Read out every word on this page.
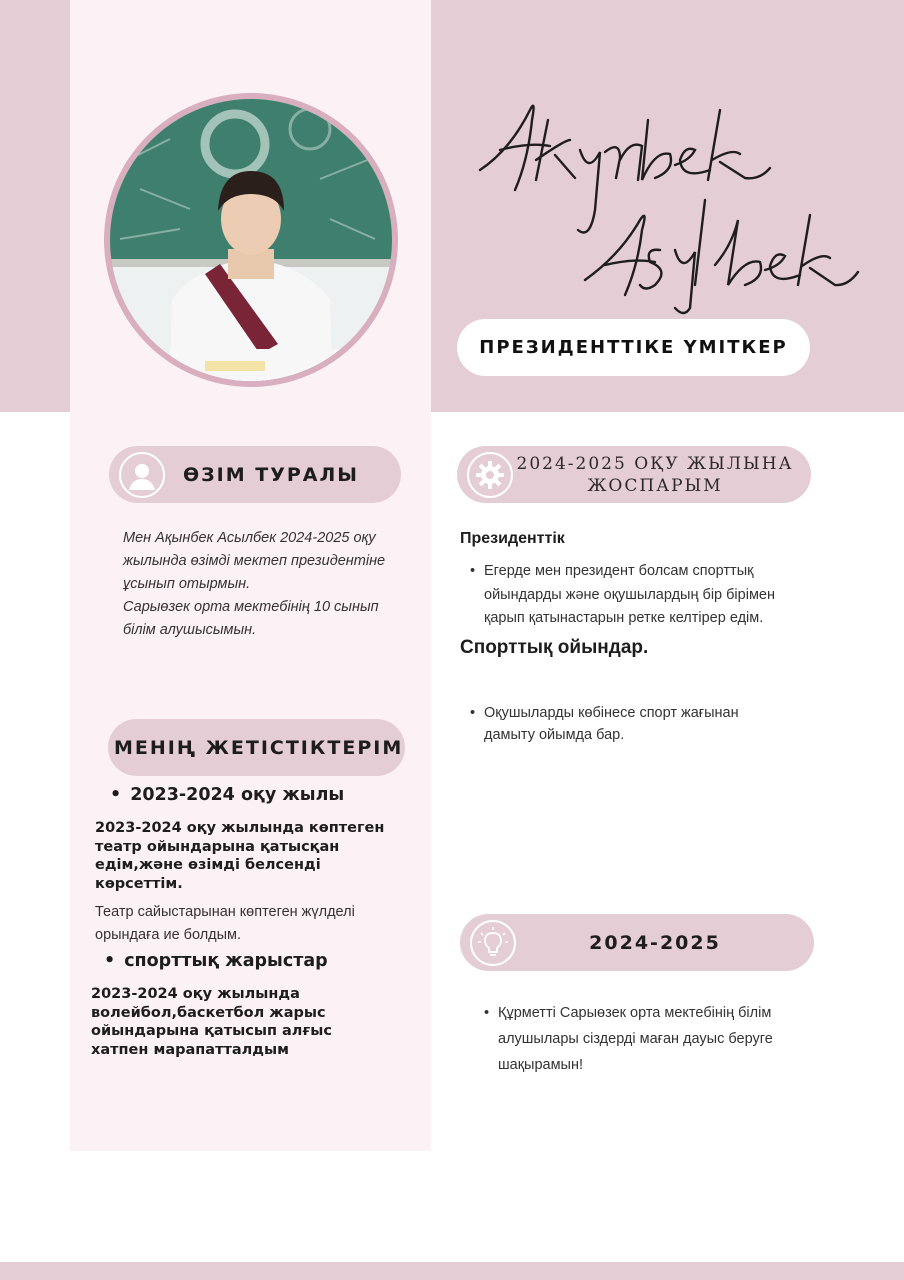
ПРЕЗИДЕНТТІКЕ ҮМІТКЕР
ӨЗІМ ТУРАЛЫ
Мен Ақынбек Асылбек 2024-2025 оқу жылында өзімді мектеп президентіне ұсынып отырмын.
Сарыөзек орта мектебінің 10 сынып білім алушысымын.
МЕНІҢ ЖЕТІСТІКТЕРІМ
• 2023-2024 оқу жылы
2023-2024 оқу жылында көптеген театр ойындарына қатысқан едім,және өзімді белсенді көрсеттім.
Театр сайыстарынан көптеген жүлделі орындаға ие болдым.
• спорттық жарыстар
2023-2024 оқу жылында волейбол,баскетбол жарыс ойындарына қатысып алғыс хатпен марапатталдым
2024-2025 ОҚУ ЖЫЛЫНА ЖОСПАРЫМ
Президенттік
• Егерде мен президент болсам спорттық ойындарды және оқушылардың бір бірімен қарып қатынастарын ретке келтірер едім.
Спорттық ойындар.
• Оқушыларды көбінесе спорт жағынан дамыту ойымда бар.
2024-2025
• Құрметті Сарыөзек орта мектебінің білім алушылары сіздерді маған дауыс беруге шақырамын!
